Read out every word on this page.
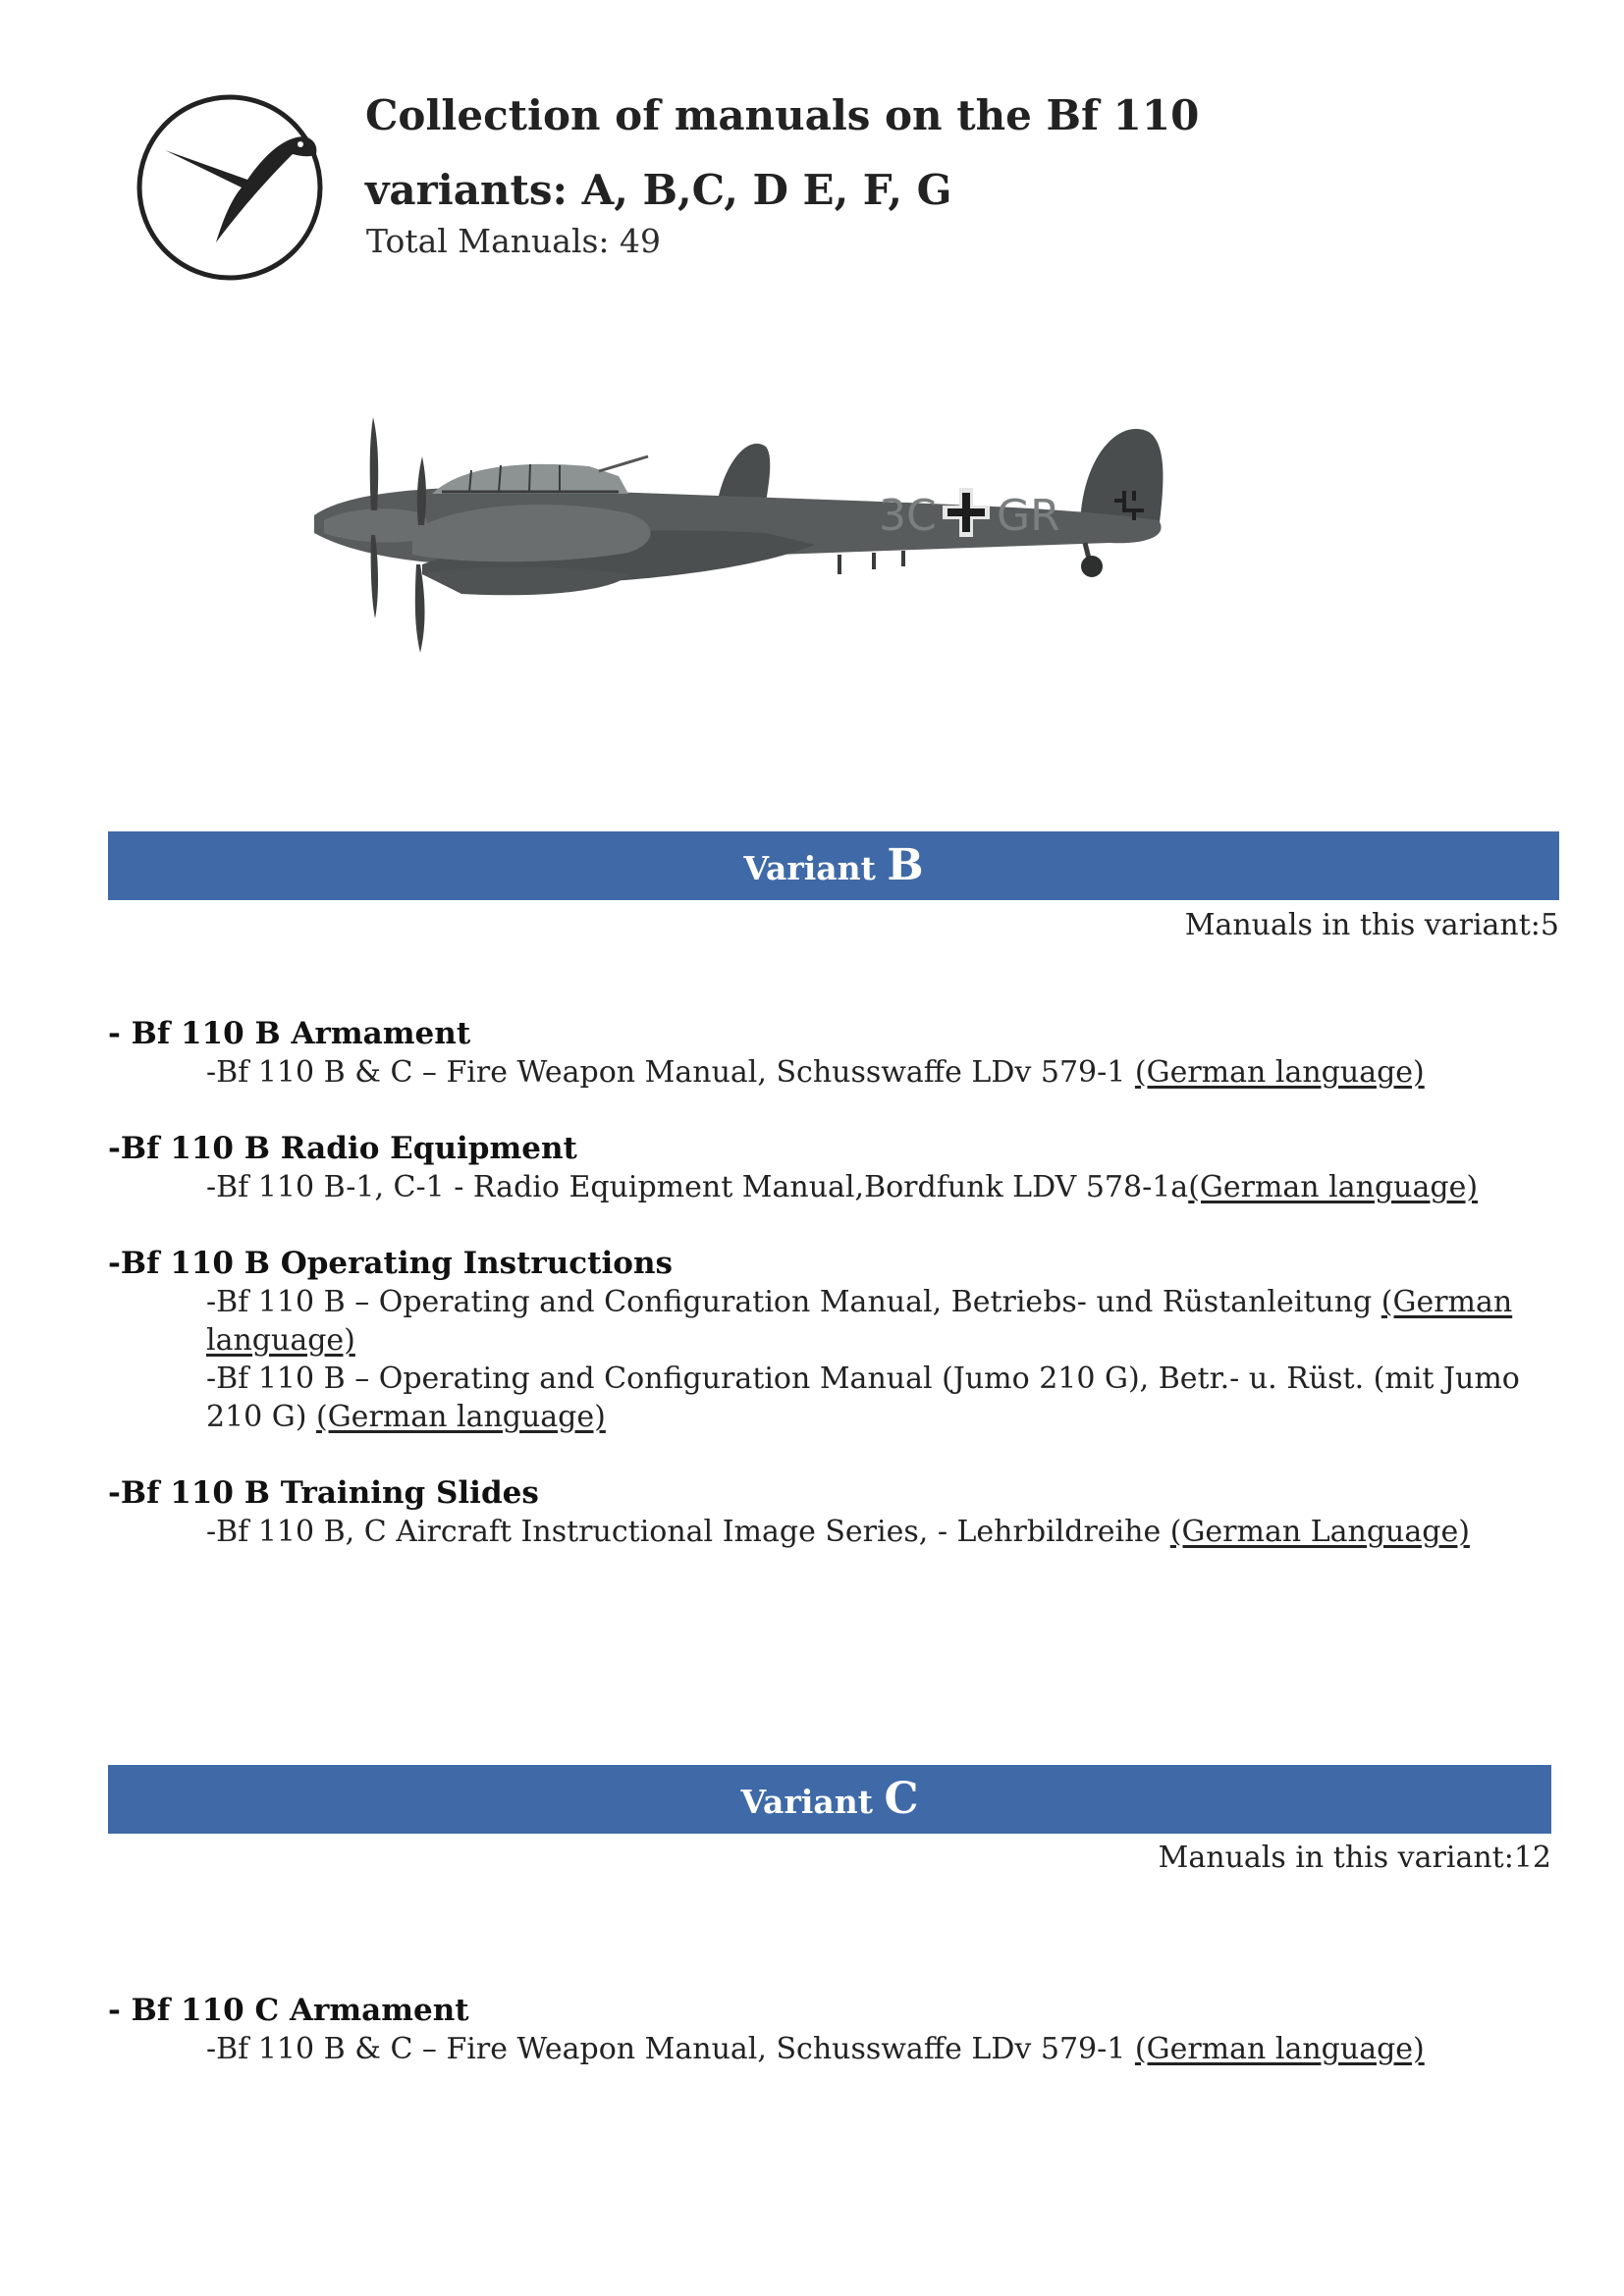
Collection of manuals on the Bf 110
variants: A, B,C, D E, F, G
Total Manuals: 49
3C GR
Variant B
Manuals in this variant:5
- Bf 110 B Armament
-Bf 110 B & C – Fire Weapon Manual, Schusswaffe LDv 579-1 (German language)
-Bf 110 B Radio Equipment
-Bf 110 B-1, C-1 - Radio Equipment Manual,Bordfunk LDV 578-1a(German language)
-Bf 110 B Operating Instructions
-Bf 110 B – Operating and Configuration Manual, Betriebs- und Rüstanleitung (German language)
-Bf 110 B – Operating and Configuration Manual (Jumo 210 G), Betr.- u. Rüst. (mit Jumo 210 G) (German language)
-Bf 110 B Training Slides
-Bf 110 B, C Aircraft Instructional Image Series, - Lehrbildreihe (German Language)
Variant C
Manuals in this variant:12
- Bf 110 C Armament
-Bf 110 B & C – Fire Weapon Manual, Schusswaffe LDv 579-1 (German language)
